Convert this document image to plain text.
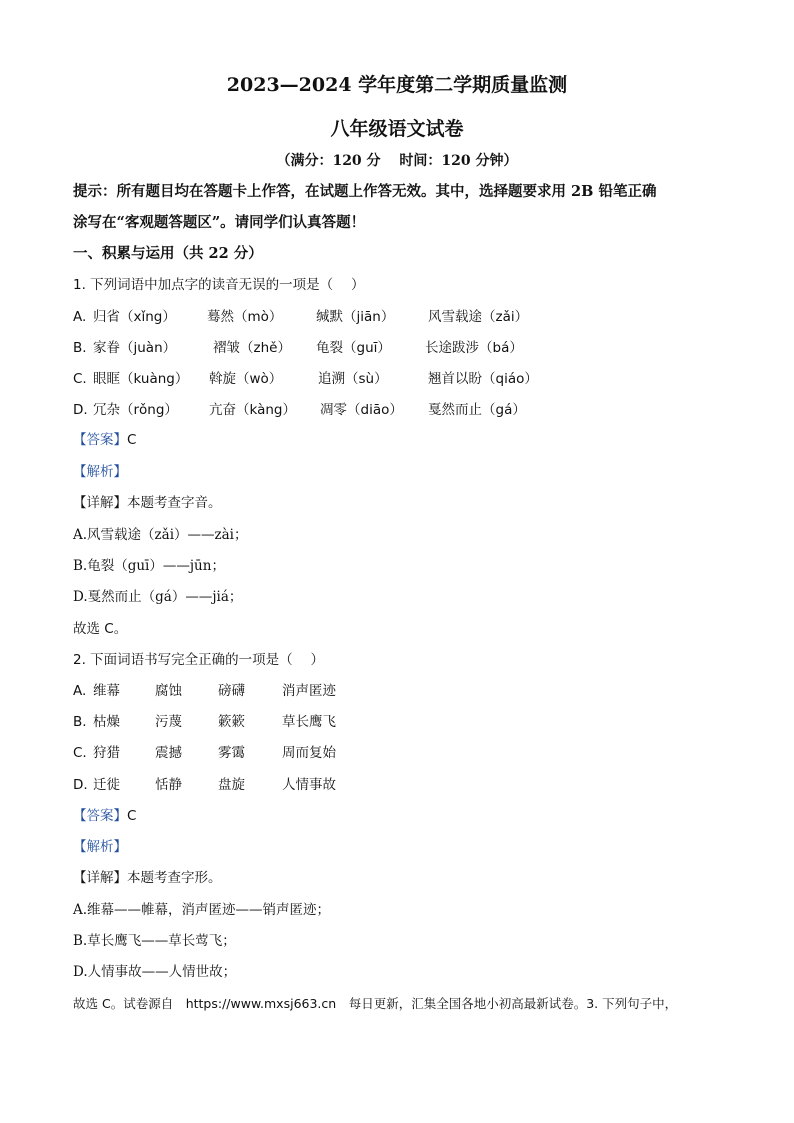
2023—2024 学年度第二学期质量监测
八年级语文试卷
（满分：120 分　 时间：120 分钟）
提示：所有题目均在答题卡上作答，在试题上作答无效。其中，选择题要求用 2B 铅笔正确
涂写在“客观题答题区”。请同学们认真答题！
一、积累与运用（共 22 分）
1. 下列词语中加点字的读音无误的一项是（　 ）
A. 归省（xǐng） 蓦然（mò） 缄默（jiān） 风雪载途（zǎi）
B. 家眷（juàn）	褶皱（zhě） 龟裂（guī）	长途跋涉（bá）
C. 眼眶（kuàng） 斡旋（wò）	追溯（sù）	翘首以盼（qiáo）
D. 冗杂（rǒng） 亢奋（kàng） 凋零（diāo） 戛然而止（gá）
【答案】C
【解析】
【详解】本题考查字音。
A.风雪载途（zǎi）——zài；
B.龟裂（guī）——jūn；
D.戛然而止（gá）——jiá；
故选 C。
2. 下面词语书写完全正确的一项是（　 ）
A. 维幕	腐蚀	磅礴	消声匿迹
B. 枯燥	污蔑	簌簌	草长鹰飞
C. 狩猎	震撼	雾霭	周而复始
D. 迁徙	恬静	盘旋	人情事故
【答案】C
【解析】
【详解】本题考查字形。
A.维幕——帷幕，消声匿迹——销声匿迹；
B.草长鹰飞——草长莺飞；
D.人情事故——人情世故；
故选 C。试卷源自　https://www.mxsj663.cn　每日更新，汇集全国各地小初高最新试卷。3. 下列句子中，
